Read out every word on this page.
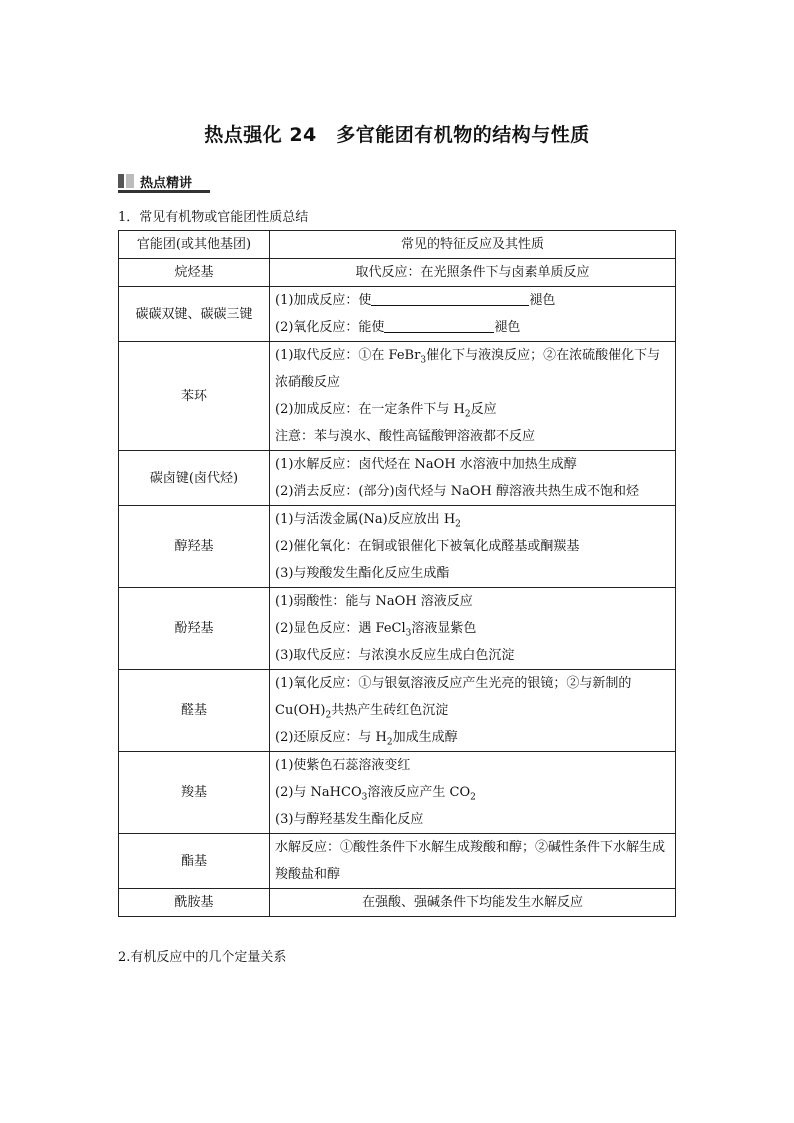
热点强化 24　多官能团有机物的结构与性质
热点精讲
1．常见有机物或官能团性质总结
官能团(或其他基团)	常见的特征反应及其性质
烷烃基	取代反应：在光照条件下与卤素单质反应
碳碳双键、碳碳三键	(1)加成反应：使 褪色
(2)氧化反应：能使 褪色

苯环	(1)取代反应：①在 FeBr$_3$催化下与液溴反应；②在浓硫酸催化下与浓硝酸反应
(2)加成反应：在一定条件下与 $H_2$反应
注意：苯与溴水、酸性高锰酸钾溶液都不反应

碳卤键(卤代烃)	(1)水解反应：卤代烃在 NaOH 水溶液中加热生成醇
(2)消去反应：(部分)卤代烃与 NaOH 醇溶液共热生成不饱和烃

醇羟基	(1)与活泼金属(Na)反应放出 $H_2$
(2)催化氧化：在铜或银催化下被氧化成醛基或酮羰基
(3)与羧酸发生酯化反应生成酯

酚羟基	(1)弱酸性：能与 NaOH 溶液反应
(2)显色反应：遇 FeCl$_3$溶液显紫色
(3)取代反应：与浓溴水反应生成白色沉淀

醛基	(1)氧化反应：①与银氨溶液反应产生光亮的银镜；②与新制的 $Cu(OH)_2$共热产生砖红色沉淀
(2)还原反应：与 $H_2$加成生成醇

羧基	(1)使紫色石蕊溶液变红
(2)与 NaHCO$_3$溶液反应产生 $CO_2$
(3)与醇羟基发生酯化反应

酯基	水解反应：①酸性条件下水解生成羧酸和醇；②碱性条件下水解生成羧酸盐和醇
酰胺基	在强酸、强碱条件下均能发生水解反应
2.有机反应中的几个定量关系
